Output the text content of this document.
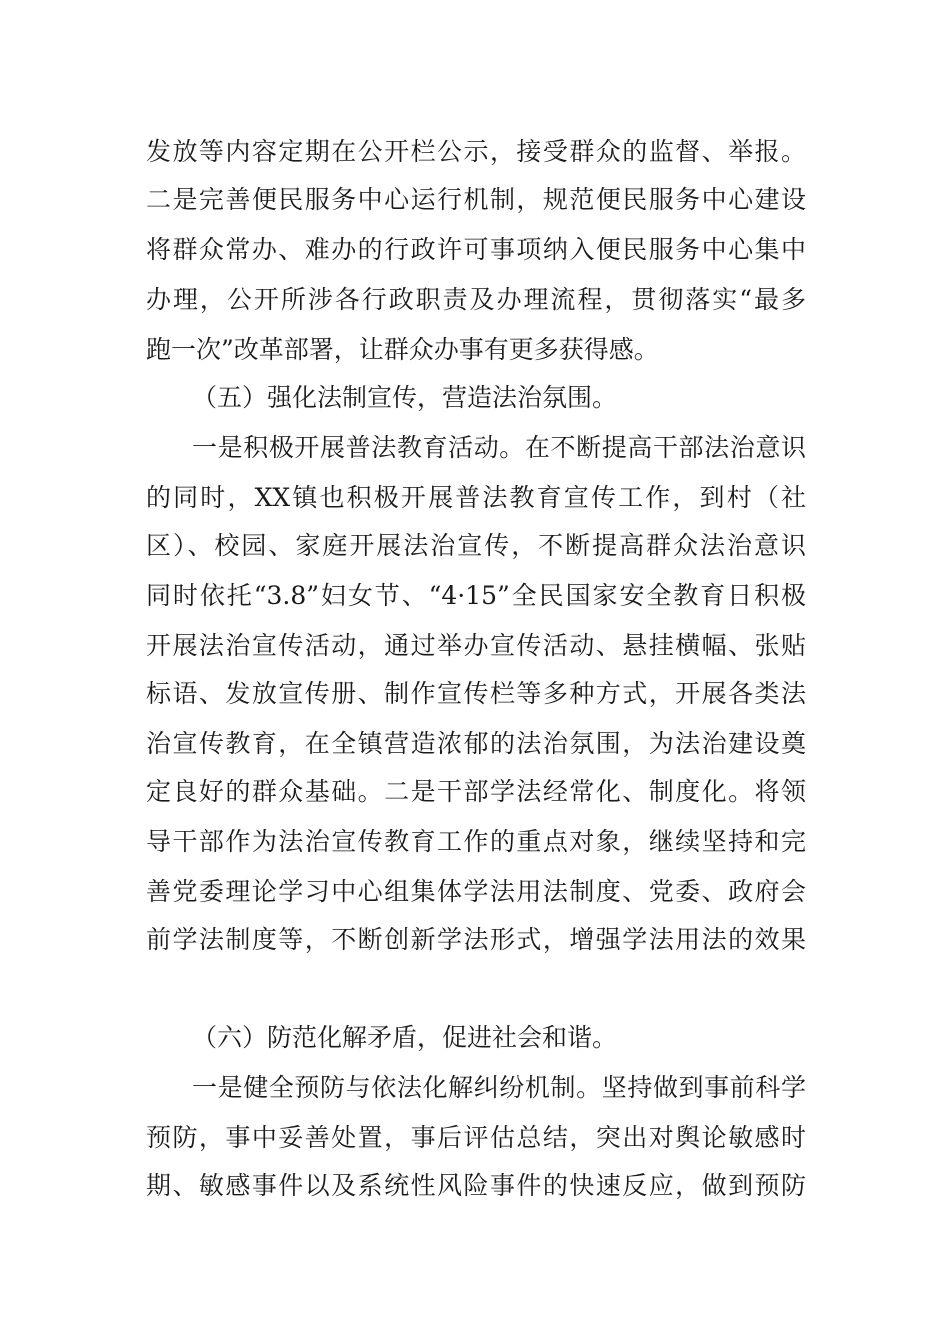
发放等内容定期在公开栏公示，接受群众的监督、举报。
二是完善便民服务中心运行机制，规范便民服务中心建设
将群众常办、难办的行政许可事项纳入便民服务中心集中
办理，公开所涉各行政职责及办理流程，贯彻落实“最多
跑一次”改革部署，让群众办事有更多获得感。
（五）强化法制宣传，营造法治氛围。
一是积极开展普法教育活动。在不断提高干部法治意识
的同时，XX镇也积极开展普法教育宣传工作，到村（社
区）、校园、家庭开展法治宣传，不断提高群众法治意识
同时依托“3.8”妇女节、“4·15”全民国家安全教育日积极
开展法治宣传活动，通过举办宣传活动、悬挂横幅、张贴
标语、发放宣传册、制作宣传栏等多种方式，开展各类法
治宣传教育，在全镇营造浓郁的法治氛围，为法治建设奠
定良好的群众基础。二是干部学法经常化、制度化。将领
导干部作为法治宣传教育工作的重点对象，继续坚持和完
善党委理论学习中心组集体学法用法制度、党委、政府会
前学法制度等，不断创新学法形式，增强学法用法的效果
（六）防范化解矛盾，促进社会和谐。
一是健全预防与依法化解纠纷机制。坚持做到事前科学
预防，事中妥善处置，事后评估总结，突出对舆论敏感时
期、敏感事件以及系统性风险事件的快速反应，做到预防
